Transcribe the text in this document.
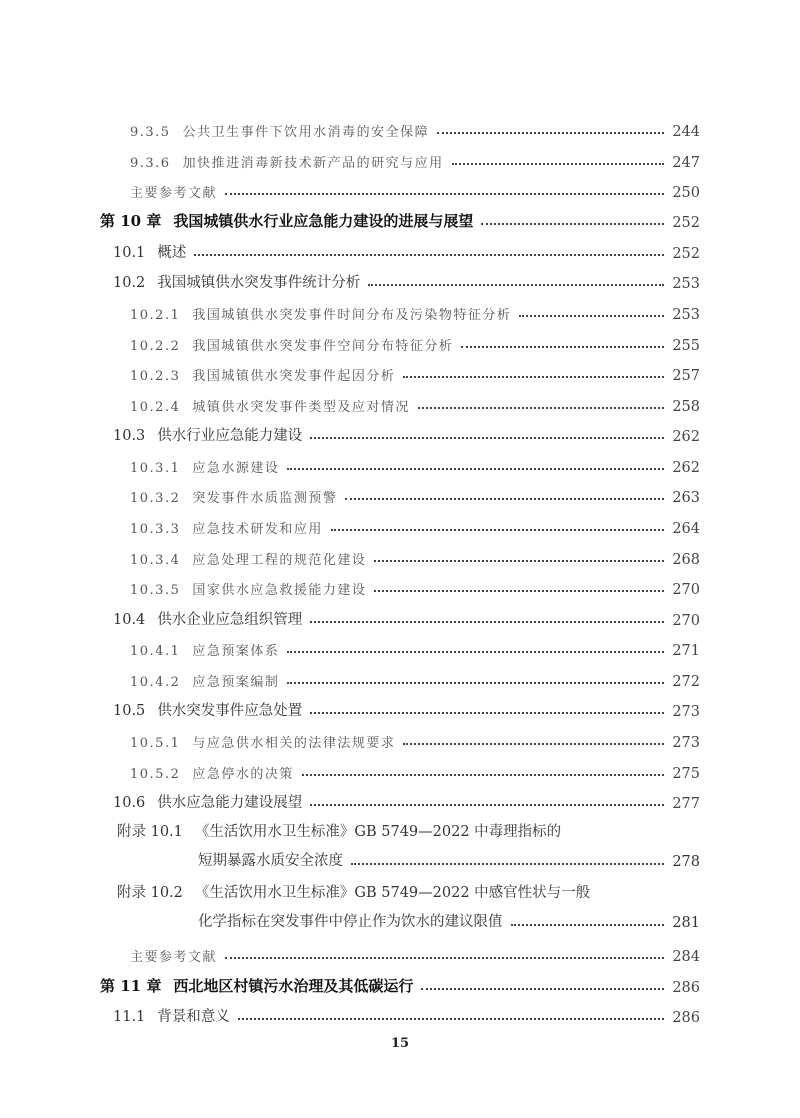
9.3.5 公共卫生事件下饮用水消毒的安全保障	244
9.3.6 加快推进消毒新技术新产品的研究与应用	247
主要参考文献	250
第 10 章 我国城镇供水行业应急能力建设的进展与展望	252
10.1 概述	252
10.2 我国城镇供水突发事件统计分析	253
10.2.1 我国城镇供水突发事件时间分布及污染物特征分析	253
10.2.2 我国城镇供水突发事件空间分布特征分析	255
10.2.3 我国城镇供水突发事件起因分析	257
10.2.4 城镇供水突发事件类型及应对情况	258
10.3 供水行业应急能力建设	262
10.3.1 应急水源建设	262
10.3.2 突发事件水质监测预警	263
10.3.3 应急技术研发和应用	264
10.3.4 应急处理工程的规范化建设	268
10.3.5 国家供水应急救援能力建设	270
10.4 供水企业应急组织管理	270
10.4.1 应急预案体系	271
10.4.2 应急预案编制	272
10.5 供水突发事件应急处置	273
10.5.1 与应急供水相关的法律法规要求	273
10.5.2 应急停水的决策	275
10.6 供水应急能力建设展望	277
附录 10.1 《生活饮用水卫生标准》GB 5749—2022 中毒理指标的
短期暴露水质安全浓度	278
附录 10.2 《生活饮用水卫生标准》GB 5749—2022 中感官性状与一般
化学指标在突发事件中停止作为饮水的建议限值	281
主要参考文献	284
第 11 章 西北地区村镇污水治理及其低碳运行	286
11.1 背景和意义	286
15
